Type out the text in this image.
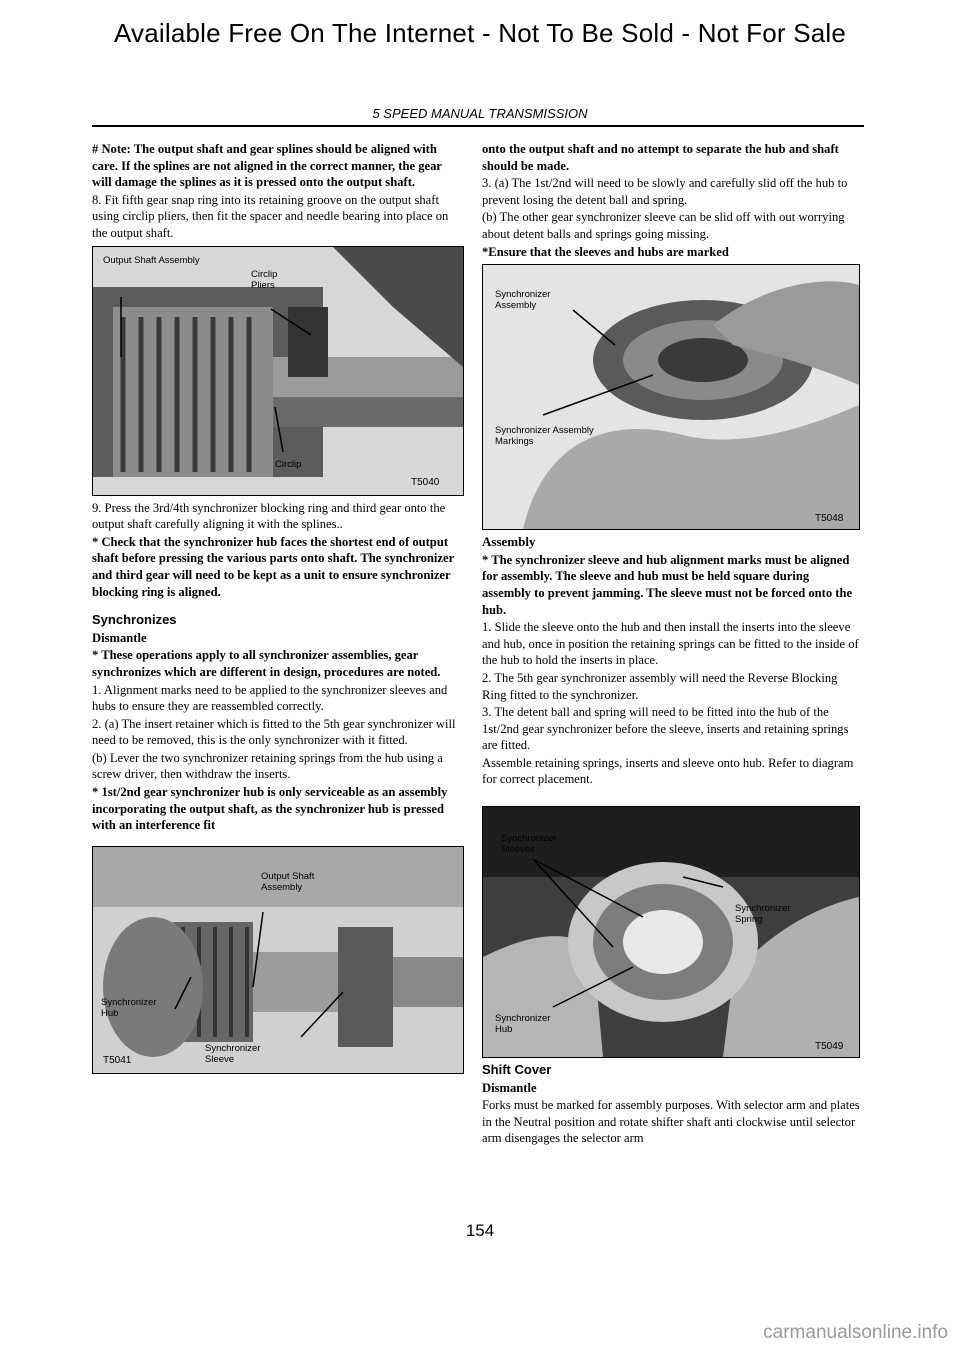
Available Free On The Internet - Not To Be Sold - Not For Sale
5 SPEED MANUAL TRANSMISSION

# Note: The output shaft and gear splines should be aligned with care. If the splines are not aligned in the correct manner, the gear will damage the splines as it is pressed onto the output shaft.

8. Fit fifth gear snap ring into its retaining groove on the output shaft using circlip pliers, then fit the spacer and needle bearing into place on the output shaft.

Output Shaft Assembly
Circlip Pliers
Circlip
T5040

9. Press the 3rd/4th synchronizer blocking ring and third gear onto the output shaft carefully aligning it with the splines..

* Check that the synchronizer hub faces the shortest end of output shaft before pressing the various parts onto shaft. The synchronizer and third gear will need to be kept as a unit to ensure synchronizer blocking ring is aligned.

Synchronizes

Dismantle

* These operations apply to all synchronizer assemblies, gear synchronizes which are different in design, procedures are noted.

1. Alignment marks need to be applied to the synchronizer sleeves and hubs to ensure they are reassembled correctly.

2. (a) The insert retainer which is fitted to the 5th gear synchronizer will need to be removed, this is the only synchronizer with it fitted.

(b) Lever the two synchronizer retaining springs from the hub using a screw driver, then withdraw the inserts.

* 1st/2nd gear synchronizer hub is only serviceable as an assembly incorporating the output shaft, as the synchronizer hub is pressed with an interference fit

Output Shaft Assembly
Synchronizer Hub
Synchronizer Sleeve
T5041

onto the output shaft and no attempt to separate the hub and shaft should be made.

3. (a) The 1st/2nd will need to be slowly and carefully slid off the hub to prevent losing the detent ball and spring.

(b) The other gear synchronizer sleeve can be slid off with out worrying about detent balls and springs going missing.

*Ensure that the sleeves and hubs are marked

Synchronizer Assembly
Synchronizer Assembly Markings
T5048

Assembly

* The synchronizer sleeve and hub alignment marks must be aligned for assembly. The sleeve and hub must be held square during assembly to prevent jamming. The sleeve must not be forced onto the hub.

1. Slide the sleeve onto the hub and then install the inserts into the sleeve and hub, once in position the retaining springs can be fitted to the inside of the hub to hold the inserts in place.

2. The 5th gear synchronizer assembly will need the Reverse Blocking Ring fitted to the synchronizer.

3. The detent ball and spring will need to be fitted into the hub of the 1st/2nd gear synchronizer before the sleeve, inserts and retaining springs are fitted.

Assemble retaining springs, inserts and sleeve onto hub. Refer to diagram for correct placement.

Synchronizer Sleeves
Synchronizer Spring
Synchronizer Hub
T5049

Shift Cover

Dismantle

Forks must be marked for assembly purposes. With selector arm and plates in the Neutral position and rotate shifter shaft anti clockwise until selector arm disengages the selector arm

154
carmanualsonline.info
